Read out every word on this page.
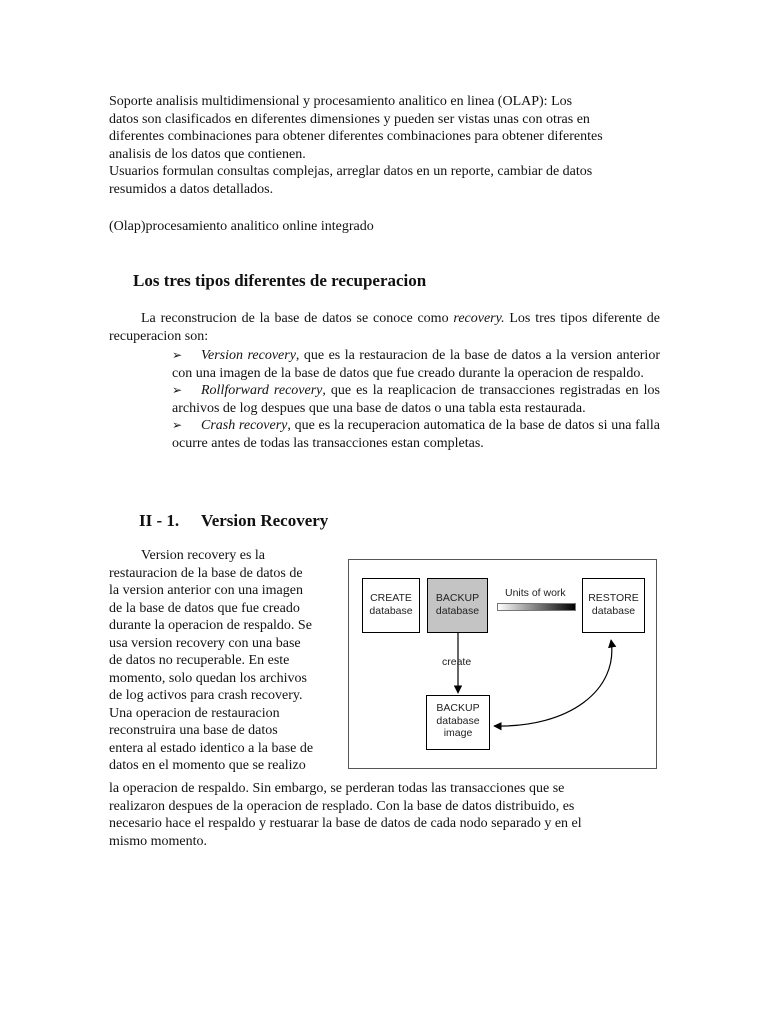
Soporte analisis multidimensional y procesamiento analitico en linea (OLAP): Los
datos son clasificados en diferentes dimensiones y pueden ser vistas unas con otras en
diferentes combinaciones para obtener diferentes combinaciones para obtener diferentes
analisis de los datos que contienen.
Usuarios formulan consultas complejas, arreglar datos en un reporte, cambiar de datos
resumidos a datos detallados.
(Olap)procesamiento analitico online integrado
Los tres tipos diferentes de recuperacion

La reconstrucion de la base de datos se conoce como recovery. Los tres tipos diferente de recuperacion son:

➢ Version recovery, que es la restauracion de la base de datos a la version anterior con una imagen de la base de datos que fue creado durante la operacion de respaldo.
➢ Rollforward recovery, que es la reaplicacion de transacciones registradas en los archivos de log despues que una base de datos o una tabla esta restaurada.
➢ Crash recovery, que es la recuperacion automatica de la base de datos si una falla ocurre antes de todas las transacciones estan completas.
II - 1. Version Recovery

Version recovery es la

restauracion de la base de datos de
la version anterior con una imagen
de la base de datos que fue creado
durante la operacion de respaldo. Se
usa version recovery con una base
de datos no recuperable. En este
momento, solo quedan los archivos
de log activos para crash recovery.
Una operacion de restauracion
reconstruira una base de datos
entera al estado identico a la base de
datos en el momento que se realizo
la operacion de respaldo. Sin embargo, se perderan todas las transacciones que se
realizaron despues de la operacion de resplado. Con la base de datos distribuido, es
necesario hace el respaldo y restuarar la base de datos de cada nodo separado y en el
mismo momento.
CREATE
database
BACKUP
database
Units of work	RESTORE
database
create
BACKUP
database
image
